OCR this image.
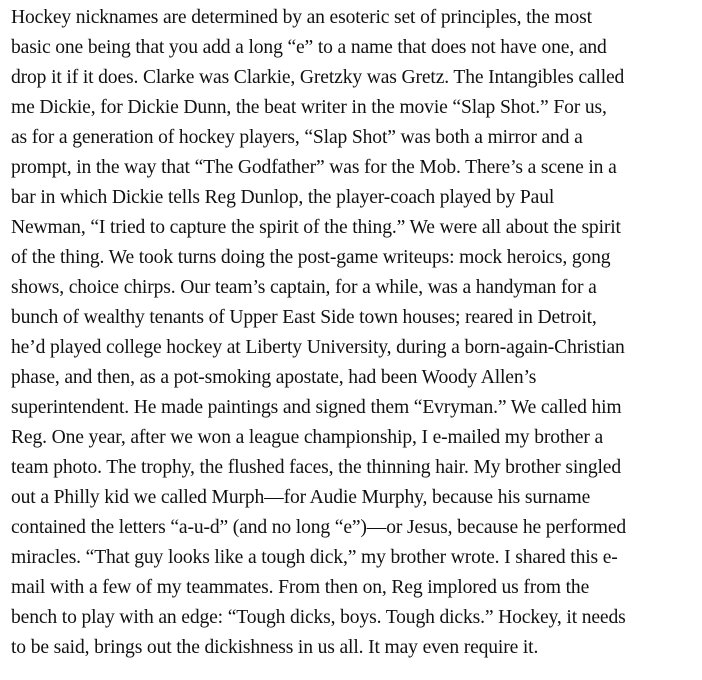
Hockey nicknames are determined by an esoteric set of principles, the most
basic one being that you add a long “e” to a name that does not have one, and
drop it if it does. Clarke was Clarkie, Gretzky was Gretz. The Intangibles called
me Dickie, for Dickie Dunn, the beat writer in the movie “Slap Shot.” For us,
as for a generation of hockey players, “Slap Shot” was both a mirror and a
prompt, in the way that “The Godfather” was for the Mob. There’s a scene in a
bar in which Dickie tells Reg Dunlop, the player-coach played by Paul
Newman, “I tried to capture the spirit of the thing.” We were all about the spirit
of the thing. We took turns doing the post-game writeups: mock heroics, gong
shows, choice chirps. Our team’s captain, for a while, was a handyman for a
bunch of wealthy tenants of Upper East Side town houses; reared in Detroit,
he’d played college hockey at Liberty University, during a born-again-Christian
phase, and then, as a pot-smoking apostate, had been Woody Allen’s
superintendent. He made paintings and signed them “Evryman.” We called him
Reg. One year, after we won a league championship, I e-mailed my brother a
team photo. The trophy, the flushed faces, the thinning hair. My brother singled
out a Philly kid we called Murph—for Audie Murphy, because his surname
contained the letters “a-u-d” (and no long “e”)—or Jesus, because he performed
miracles. “That guy looks like a tough dick,” my brother wrote. I shared this e-
mail with a few of my teammates. From then on, Reg implored us from the
bench to play with an edge: “Tough dicks, boys. Tough dicks.” Hockey, it needs
to be said, brings out the dickishness in us all. It may even require it.
